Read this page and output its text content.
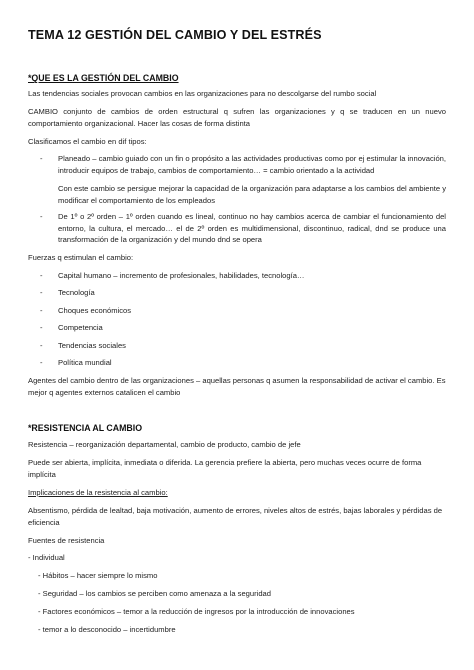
TEMA 12 GESTIÓN DEL CAMBIO Y DEL ESTRÉS
*QUE ES LA GESTIÓN DEL CAMBIO
Las tendencias sociales provocan cambios en las organizaciones para no descolgarse del rumbo social
CAMBIO conjunto de cambios de orden estructural q sufren las organizaciones y q se traducen en un nuevo comportamiento organizacional. Hacer las cosas de forma distinta
Clasificamos el cambio en dif tipos:
- Planeado – cambio guiado con un fin o propósito a las actividades productivas como por ej estimular la innovación, introducir equipos de trabajo, cambios de comportamiento… = cambio orientado a la actividad
Con este cambio se persigue mejorar la capacidad de la organización para adaptarse a los cambios del ambiente y modificar el comportamiento de los empleados
- De 1º o 2º orden – 1º orden cuando es lineal, continuo no hay cambios acerca de cambiar el funcionamiento del entorno, la cultura, el mercado… el de 2º orden es multidimensional, discontinuo, radical, dnd se produce una transformación de la organización y del mundo dnd se opera
Fuerzas q estimulan el cambio:
- Capital humano – incremento de profesionales, habilidades, tecnología…
- Tecnología
- Choques económicos
- Competencia
- Tendencias sociales
- Política mundial
Agentes del cambio dentro de las organizaciones – aquellas personas q asumen la responsabilidad de activar el cambio. Es mejor q agentes externos catalicen el cambio
*RESISTENCIA AL CAMBIO
Resistencia – reorganización departamental, cambio de producto, cambio de jefe
Puede ser abierta, implícita, inmediata o diferida. La gerencia prefiere la abierta, pero muchas veces ocurre de forma implícita
Implicaciones de la resistencia al cambio:
Absentismo, pérdida de lealtad, baja motivación, aumento de errores, niveles altos de estrés, bajas laborales y pérdidas de eficiencia
Fuentes de resistencia
- Individual
- Hábitos – hacer siempre lo mismo
- Seguridad – los cambios se perciben como amenaza a la seguridad
- Factores económicos – temor a la reducción de ingresos por la introducción de innovaciones
- temor a lo desconocido – incertidumbre
